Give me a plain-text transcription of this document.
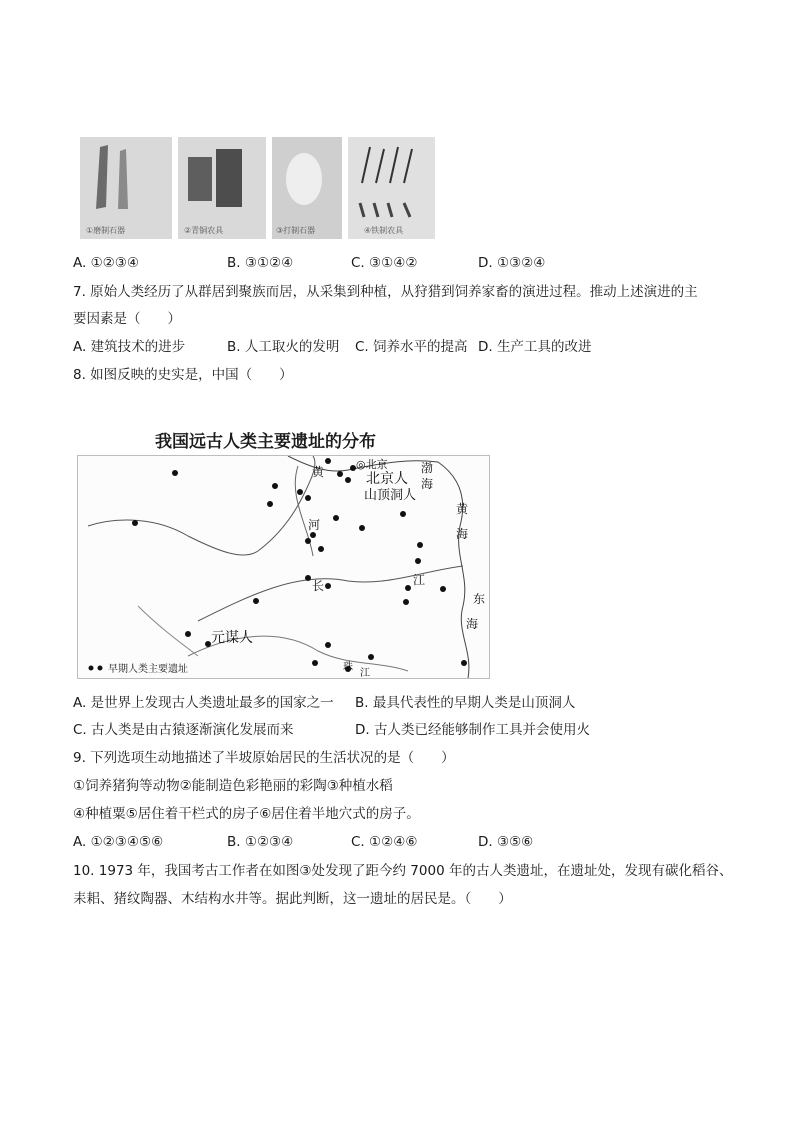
①磨制石器	②青铜农具	③打制石器	④铁制农具
A. ①②③④	B. ③①②④	C. ③①④②	D. ①③②④
7. 原始人类经历了从群居到聚族而居，从采集到种植，从狩猎到饲养家畜的演进过程。推动上述演进的主
要因素是（　　）
A. 建筑技术的进步	B. 人工取火的发明 C. 饲养水平的提高 D. 生产工具的改进
8. 如图反映的史实是，中国（　　）
我国远古人类主要遗址的分布
◎北京
北京人
山顶洞人
元谋人
黄
河
长	江
渤
海
黄
海
东
海
珠
江
早期人类主要遗址
A. 是世界上发现古人类遗址最多的国家之一 B. 最具代表性的早期人类是山顶洞人
C. 古人类是由古猿逐渐演化发展而来	D. 古人类已经能够制作工具并会使用火
9. 下列选项生动地描述了半坡原始居民的生活状况的是（　　）
①饲养猪狗等动物②能制造色彩艳丽的彩陶③种植水稻
④种植粟⑤居住着干栏式的房子⑥居住着半地穴式的房子。
A. ①②③④⑤⑥	B. ①②③④	C. ①②④⑥	D. ③⑤⑥
10. 1973 年，我国考古工作者在如图③处发现了距今约 7000 年的古人类遗址，在遗址处，发现有碳化稻谷、
耒耜、猪纹陶器、木结构水井等。据此判断，这一遗址的居民是。（　　）
